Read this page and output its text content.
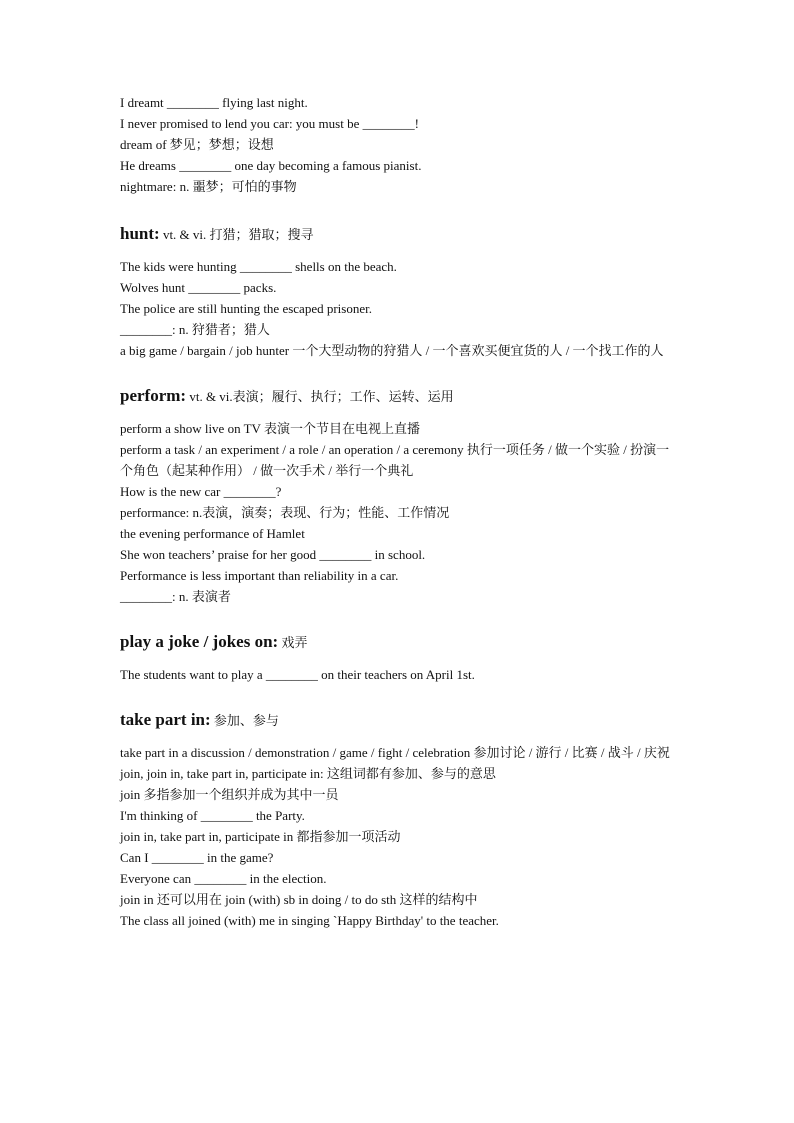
I dreamt ________ flying last night.
I never promised to lend you car: you must be ________!
dream of 梦见；梦想；设想
He dreams ________ one day becoming a famous pianist.
nightmare: n. 噩梦；可怕的事物
hunt: vt. & vi. 打猎；猎取；搜寻
The kids were hunting ________ shells on the beach.
Wolves hunt ________ packs.
The police are still hunting the escaped prisoner.
________: n. 狩猎者；猎人
a big game / bargain / job hunter 一个大型动物的狩猎人 / 一个喜欢买便宜货的人 / 一个找工作的人
perform: vt. & vi.表演；履行、执行；工作、运转、运用
perform a show live on TV 表演一个节目在电视上直播
perform a task / an experiment / a role / an operation / a ceremony 执行一项任务 / 做一个实验 / 扮演一个角色（起某种作用） / 做一次手术 / 举行一个典礼
How is the new car ________?
performance: n.表演，演奏；表现、行为；性能、工作情况
the evening performance of Hamlet
She won teachers’ praise for her good ________ in school.
Performance is less important than reliability in a car.
________: n. 表演者
play a joke / jokes on: 戏弄
The students want to play a ________ on their teachers on April 1st.
take part in: 参加、参与
take part in a discussion / demonstration / game / fight / celebration 参加讨论 / 游行 / 比赛 / 战斗 / 庆祝
join, join in, take part in, participate in: 这组词都有参加、参与的意思
join 多指参加一个组织并成为其中一员
I'm thinking of ________ the Party.
join in, take part in, participate in 都指参加一项活动
Can I ________ in the game?
Everyone can ________ in the election.
join in 还可以用在 join (with) sb in doing / to do sth 这样的结构中
The class all joined (with) me in singing `Happy Birthday' to the teacher.
